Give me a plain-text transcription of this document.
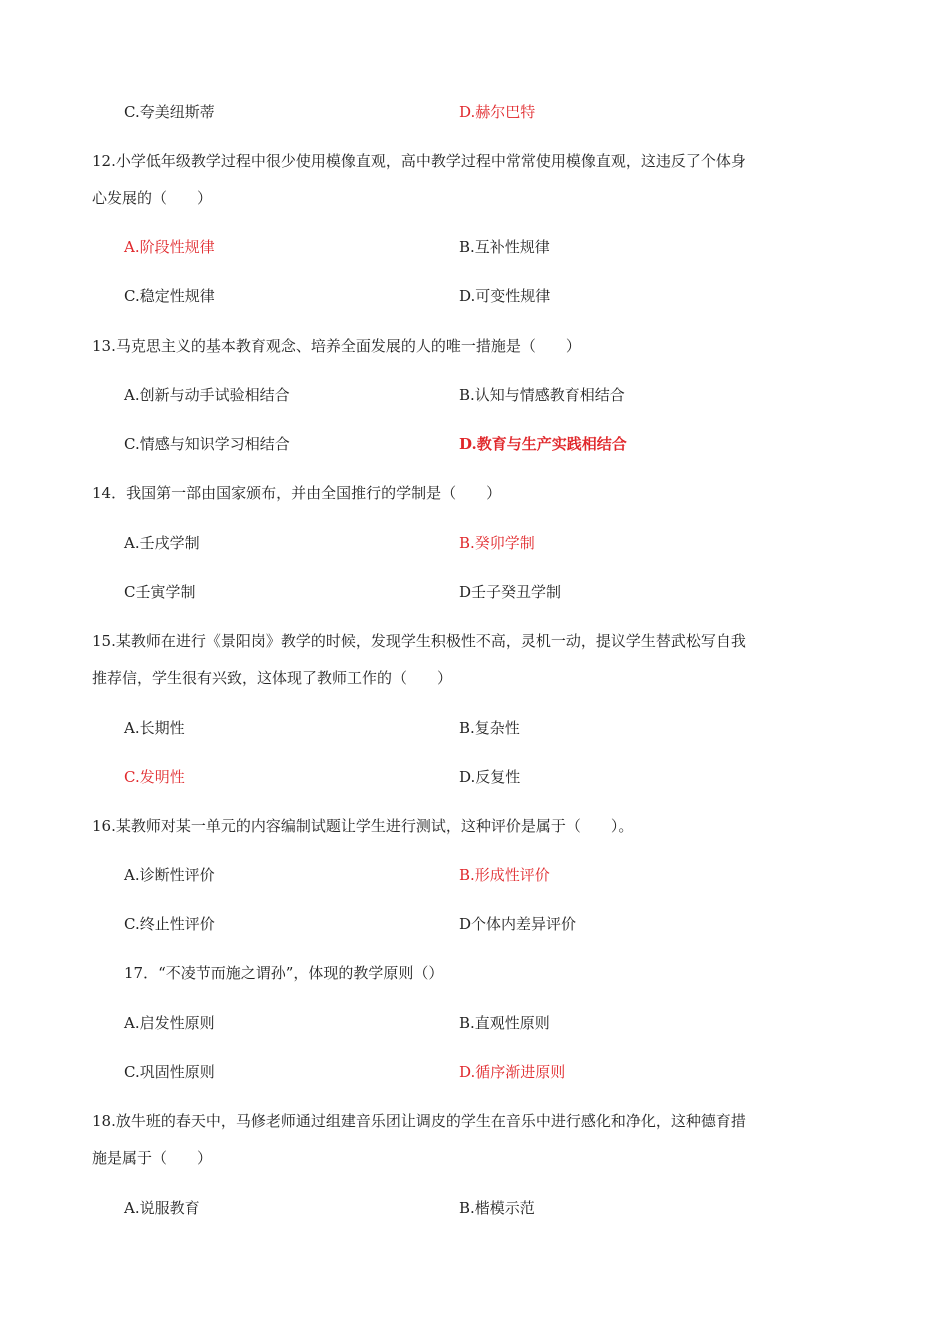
C.夸美纽斯蒂	D.赫尔巴特
12.小学低年级教学过程中很少使用模像直观，高中教学过程中常常使用模像直观，这违反了个体身
心发展的（　　）
A.阶段性规律	B.互补性规律
C.稳定性规律	D.可变性规律
13.马克思主义的基本教育观念、培养全面发展的人的唯一措施是（　　）
A.创新与动手试验相结合	B.认知与情感教育相结合
C.情感与知识学习相结合	D.教育与生产实践相结合
14．我国第一部由国家颁布，并由全国推行的学制是（　　）
A.壬戌学制	B.癸卯学制
C壬寅学制	D壬子癸丑学制
15.某教师在进行《景阳岗》教学的时候，发现学生积极性不高，灵机一动，提议学生替武松写自我
推荐信，学生很有兴致，这体现了教师工作的（　　）
A.长期性	B.复杂性
C.发明性	D.反复性
16.某教师对某一单元的内容编制试题让学生进行测试，这种评价是属于（　　）。
A.诊断性评价	B.形成性评价
C.终止性评价	D个体内差异评价
17．“不凌节而施之谓孙”，体现的教学原则（）
A.启发性原则	B.直观性原则
C.巩固性原则	D.循序渐进原则
18.放牛班的春天中，马修老师通过组建音乐团让调皮的学生在音乐中进行感化和净化，这种德育措
施是属于（　　）
A.说服教育	B.楷模示范
